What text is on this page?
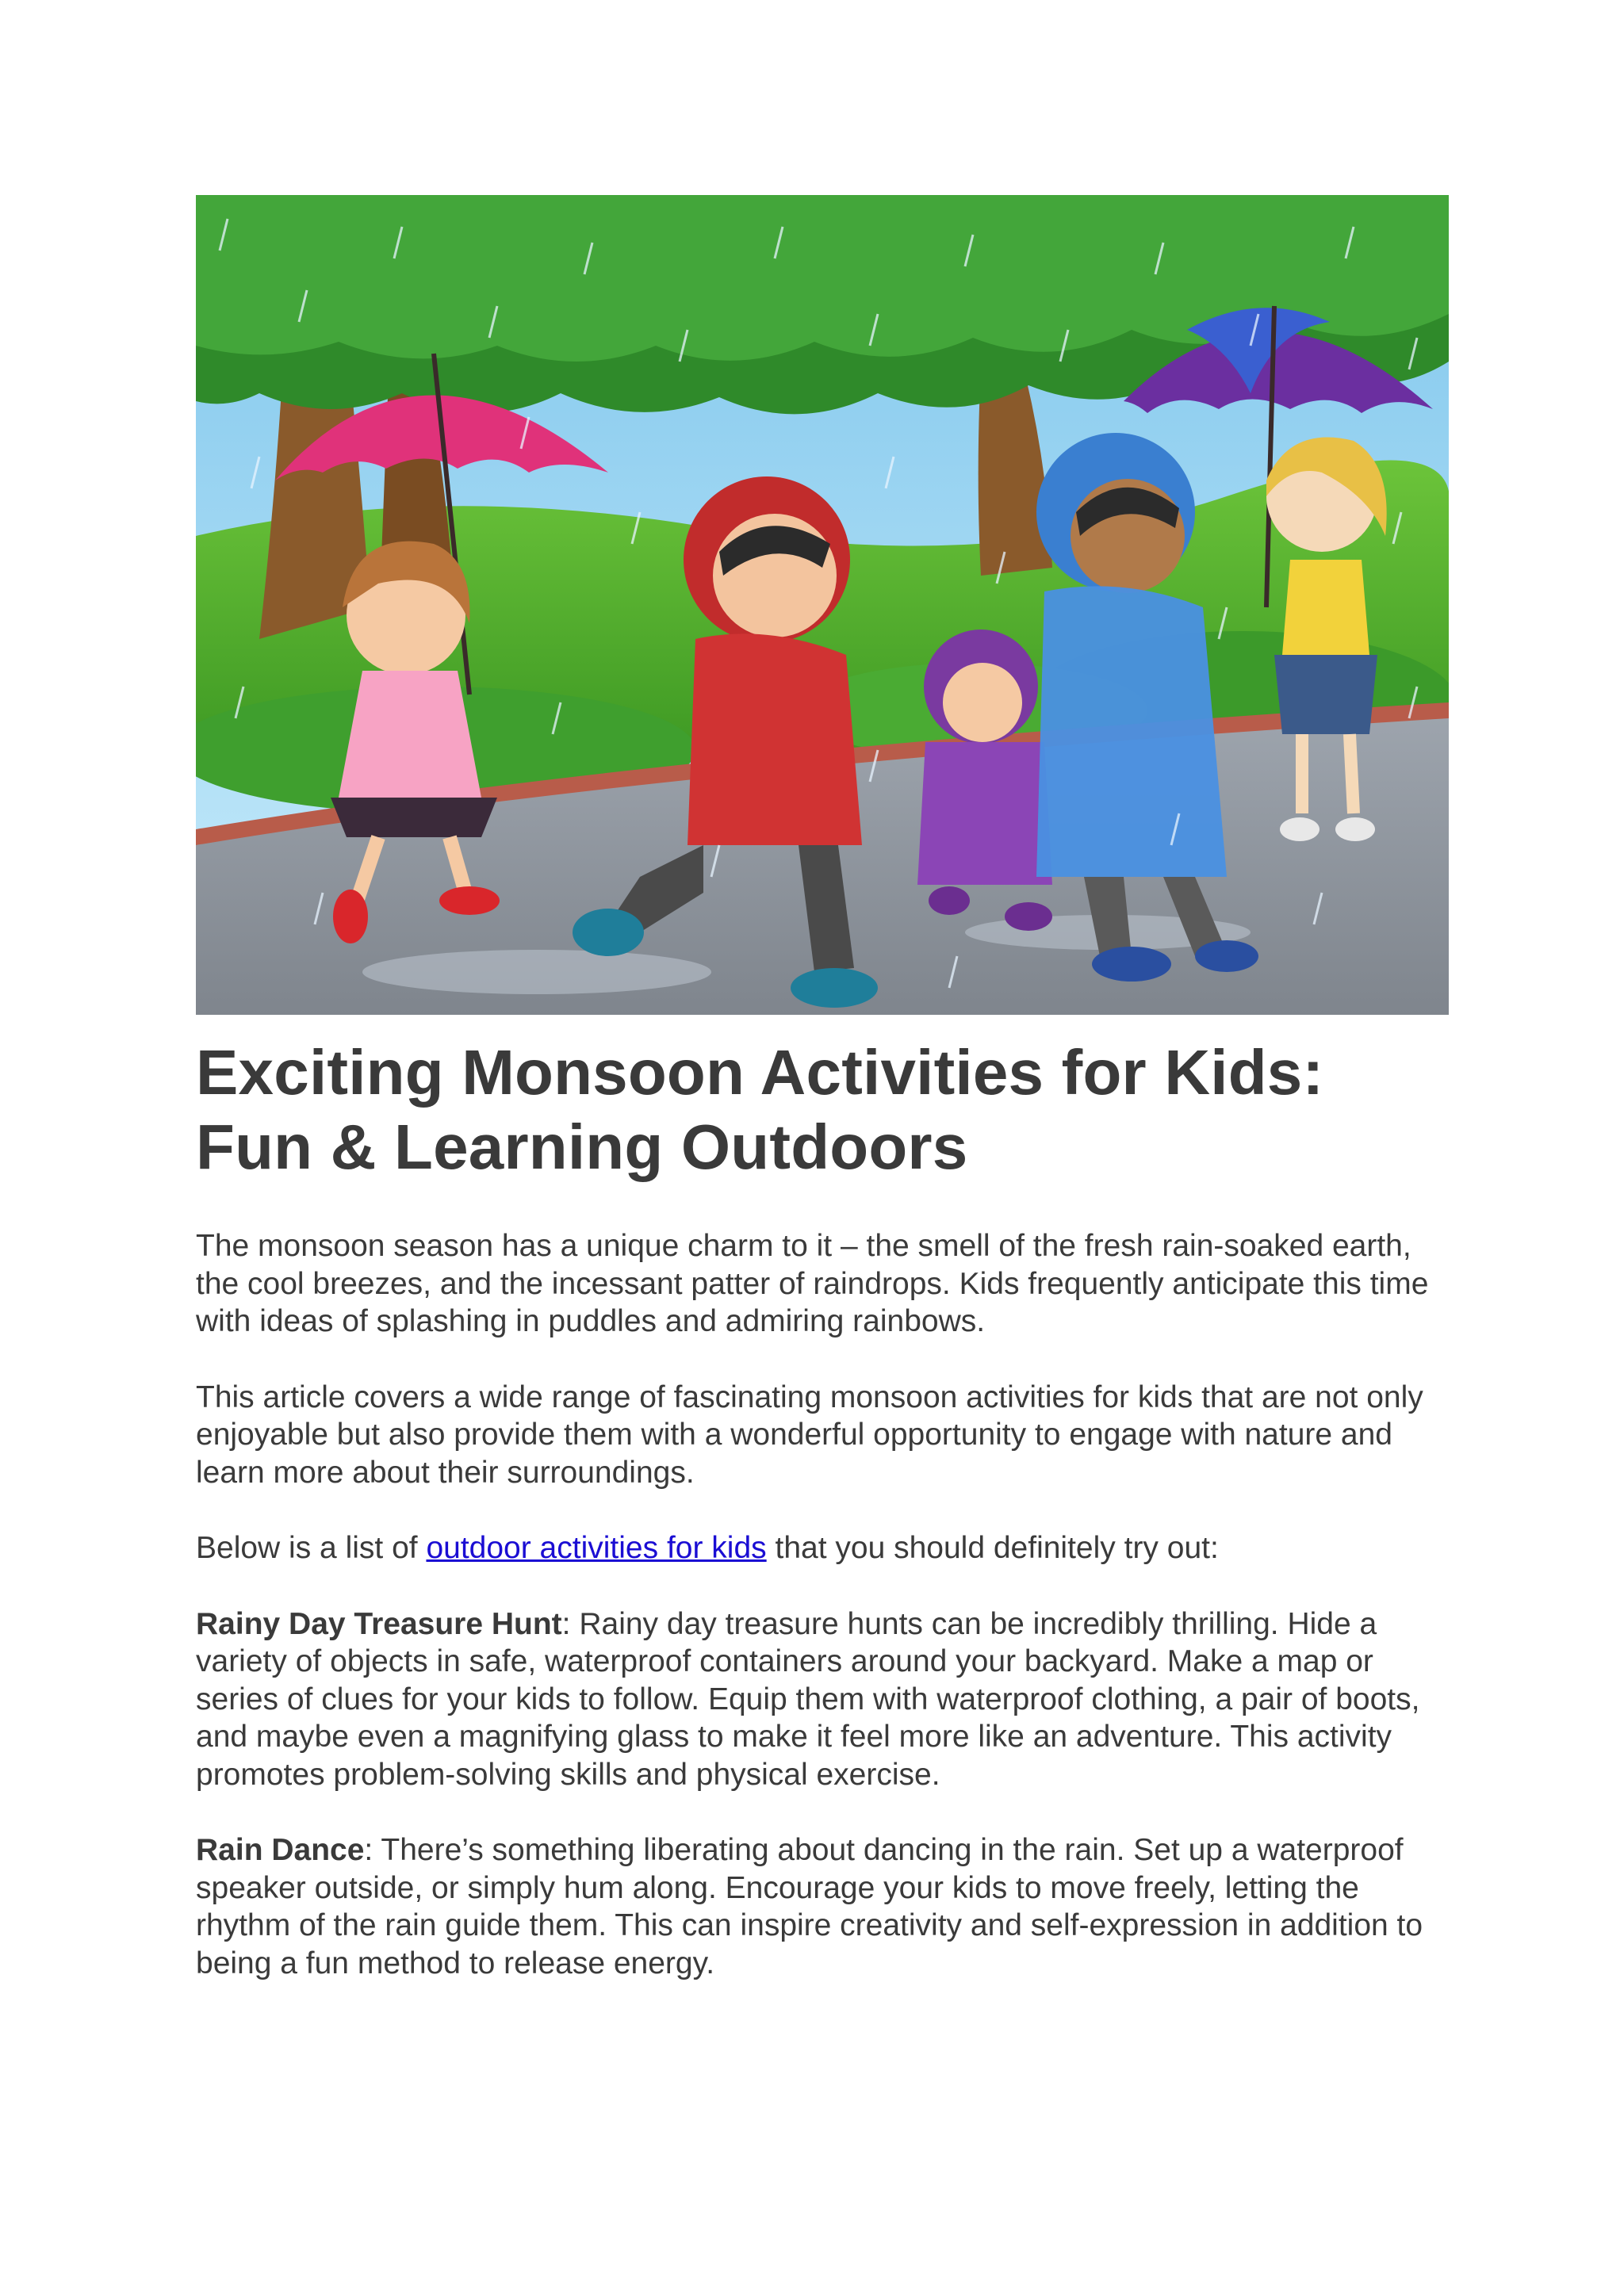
Exciting Monsoon Activities for Kids: Fun & Learning Outdoors

The monsoon season has a unique charm to it – the smell of the fresh rain-soaked earth, the cool breezes, and the incessant patter of raindrops. Kids frequently anticipate this time with ideas of splashing in puddles and admiring rainbows.

This article covers a wide range of fascinating monsoon activities for kids that are not only enjoyable but also provide them with a wonderful opportunity to engage with nature and learn more about their surroundings.

Below is a list of outdoor activities for kids that you should definitely try out:

Rainy Day Treasure Hunt: Rainy day treasure hunts can be incredibly thrilling. Hide a variety of objects in safe, waterproof containers around your backyard. Make a map or series of clues for your kids to follow. Equip them with waterproof clothing, a pair of boots, and maybe even a magnifying glass to make it feel more like an adventure. This activity promotes problem-solving skills and physical exercise.

Rain Dance: There’s something liberating about dancing in the rain. Set up a waterproof speaker outside, or simply hum along. Encourage your kids to move freely, letting the rhythm of the rain guide them. This can inspire creativity and self-expression in addition to being a fun method to release energy.
